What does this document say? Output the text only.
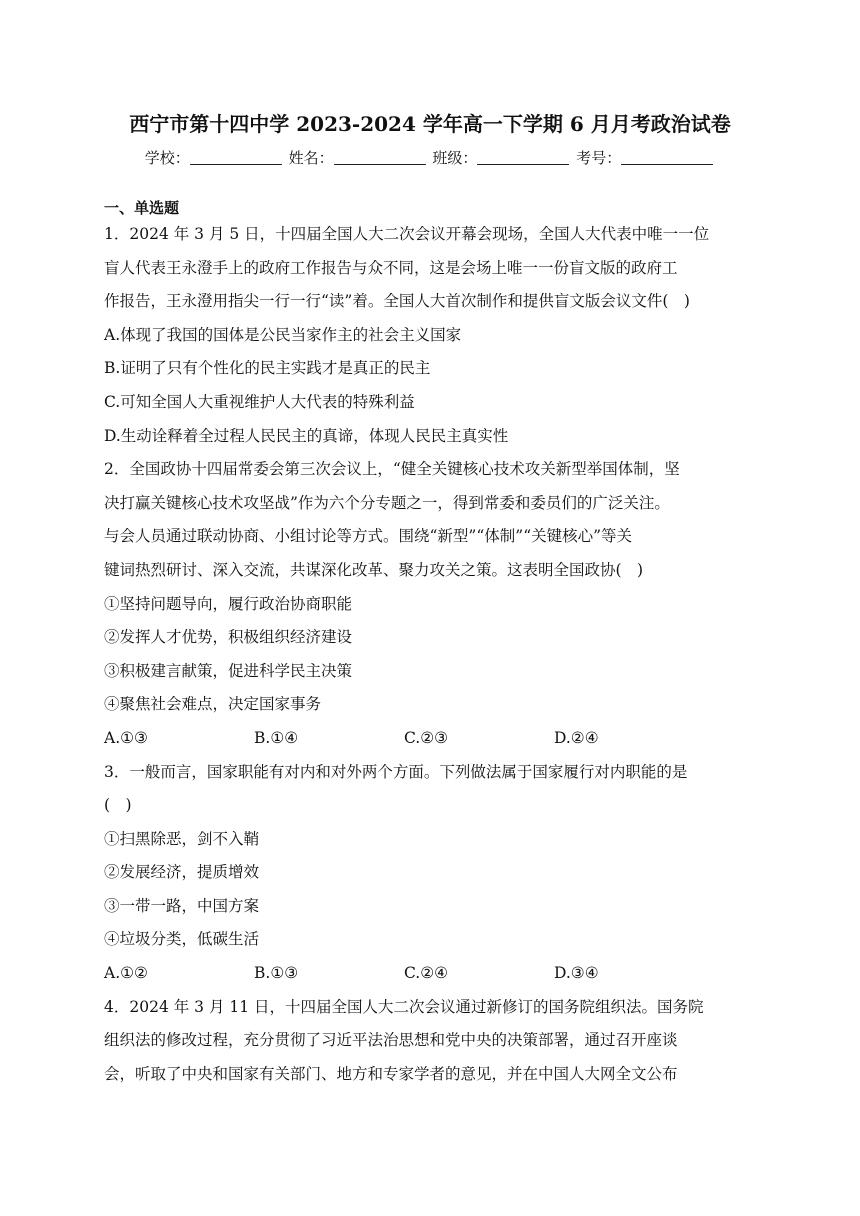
西宁市第十四中学 2023-2024 学年高一下学期 6 月月考政治试卷
学校：	姓名：	班级：	考号：
一、单选题
1．2024 年 3 月 5 日，十四届全国人大二次会议开幕会现场，全国人大代表中唯一一位
盲人代表王永澄手上的政府工作报告与众不同，这是会场上唯一一份盲文版的政府工
作报告，王永澄用指尖一行一行“读”着。全国人大首次制作和提供盲文版会议文件(　)
A.体现了我国的国体是公民当家作主的社会主义国家
B.证明了只有个性化的民主实践才是真正的民主
C.可知全国人大重视维护人大代表的特殊利益
D.生动诠释着全过程人民民主的真谛，体现人民民主真实性
2．全国政协十四届常委会第三次会议上，“健全关键核心技术攻关新型举国体制，坚
决打赢关键核心技术攻坚战”作为六个分专题之一，得到常委和委员们的广泛关注。
与会人员通过联动协商、小组讨论等方式。围绕“新型”“体制”“关键核心”等关
键词热烈研讨、深入交流，共谋深化改革、聚力攻关之策。这表明全国政协(　)
①坚持问题导向，履行政治协商职能
②发挥人才优势，积极组织经济建设
③积极建言献策，促进科学民主决策
④聚焦社会难点，决定国家事务
A.①③	B.①④	C.②③	D.②④
3．一般而言，国家职能有对内和对外两个方面。下列做法属于国家履行对内职能的是
(　)
①扫黑除恶，剑不入鞘
②发展经济，提质增效
③一带一路，中国方案
④垃圾分类，低碳生活
A.①②	B.①③	C.②④	D.③④
4．2024 年 3 月 11 日，十四届全国人大二次会议通过新修订的国务院组织法。国务院
组织法的修改过程，充分贯彻了习近平法治思想和党中央的决策部署，通过召开座谈
会，听取了中央和国家有关部门、地方和专家学者的意见，并在中国人大网全文公布
